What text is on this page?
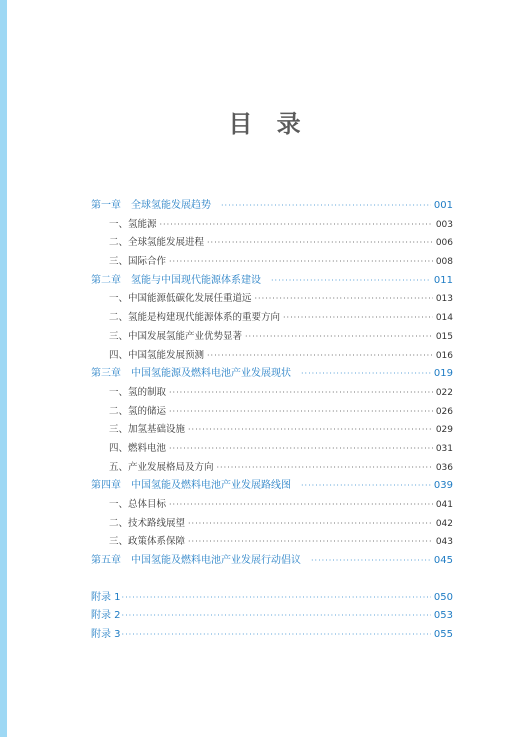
目 录
第一章　全球氢能发展趋势 ·····	001
一、氢能源 ·····	003
二、全球氢能发展进程 ·····	006
三、国际合作 ·····	008
第二章　氢能与中国现代能源体系建设 ·····	011
一、中国能源低碳化发展任重道远 ·····	013
二、氢能是构建现代能源体系的重要方向 ·····	014
三、中国发展氢能产业优势显著 ·····	015
四、中国氢能发展预测 ·····	016
第三章　中国氢能源及燃料电池产业发展现状 ·····	019
一、氢的制取 ·····	022
二、氢的储运 ·····	026
三、加氢基础设施 ·····	029
四、燃料电池 ·····	031
五、产业发展格局及方向 ·····	036
第四章　中国氢能及燃料电池产业发展路线图 ·····	039
一、总体目标 ·····	041
二、技术路线展望 ·····	042
三、政策体系保障 ·····	043
第五章　中国氢能及燃料电池产业发展行动倡议 ·····	045
附录 1 ·····	050
附录 2 ·····	053
附录 3 ·····	055
